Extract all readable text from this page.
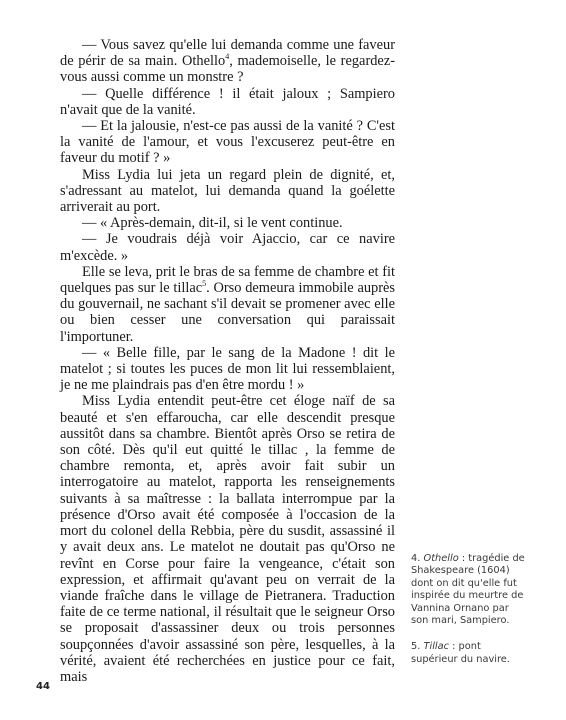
— Vous savez qu'elle lui demanda comme une faveur de périr de sa main. Othello$^4$, mademoiselle, le regardez-vous aussi comme un monstre ?

— Quelle différence ! il était jaloux ; Sampiero n'avait que de la vanité.

— Et la jalousie, n'est-ce pas aussi de la vanité ? C'est la vanité de l'amour, et vous l'excuserez peut-être en faveur du motif ? »

Miss Lydia lui jeta un regard plein de dignité, et, s'adressant au matelot, lui demanda quand la goélette arriverait au port.

— « Après-demain, dit-il, si le vent continue.

— Je voudrais déjà voir Ajaccio, car ce navire m'excède. »

Elle se leva, prit le bras de sa femme de chambre et fit quelques pas sur le tillac$^5$. Orso demeura immobile auprès du gouvernail, ne sachant s'il devait se promener avec elle ou bien cesser une conversation qui paraissait l'importuner.

— « Belle fille, par le sang de la Madone ! dit le matelot ; si toutes les puces de mon lit lui ressemblaient, je ne me plaindrais pas d'en être mordu ! »

Miss Lydia entendit peut-être cet éloge naïf de sa beauté et s'en effaroucha, car elle descendit presque aussitôt dans sa chambre. Bientôt après Orso se retira de son côté. Dès qu'il eut quitté le tillac , la femme de chambre remonta, et, après avoir fait subir un interrogatoire au matelot, rapporta les renseignements suivants à sa maîtresse : la ballata interrompue par la présence d'Orso avait été composée à l'occasion de la mort du colonel della Rebbia, père du susdit, assassiné il y avait deux ans. Le matelot ne doutait pas qu'Orso ne revînt en Corse pour faire la vengeance, c'était son expression, et affirmait qu'avant peu on verrait de la viande fraîche dans le village de Pietranera. Traduction faite de ce terme national, il résultait que le seigneur Orso se proposait d'assassiner deux ou trois personnes soupçonnées d'avoir assassiné son père, lesquelles, à la vérité, avaient été recherchées en justice pour ce fait, mais

4. Othello : tragédie de Shakespeare (1604) dont on dit qu'elle fut inspirée du meurtre de Vannina Ornano par son mari, Sampiero.

5. Tillac : pont supérieur du navire.

44
